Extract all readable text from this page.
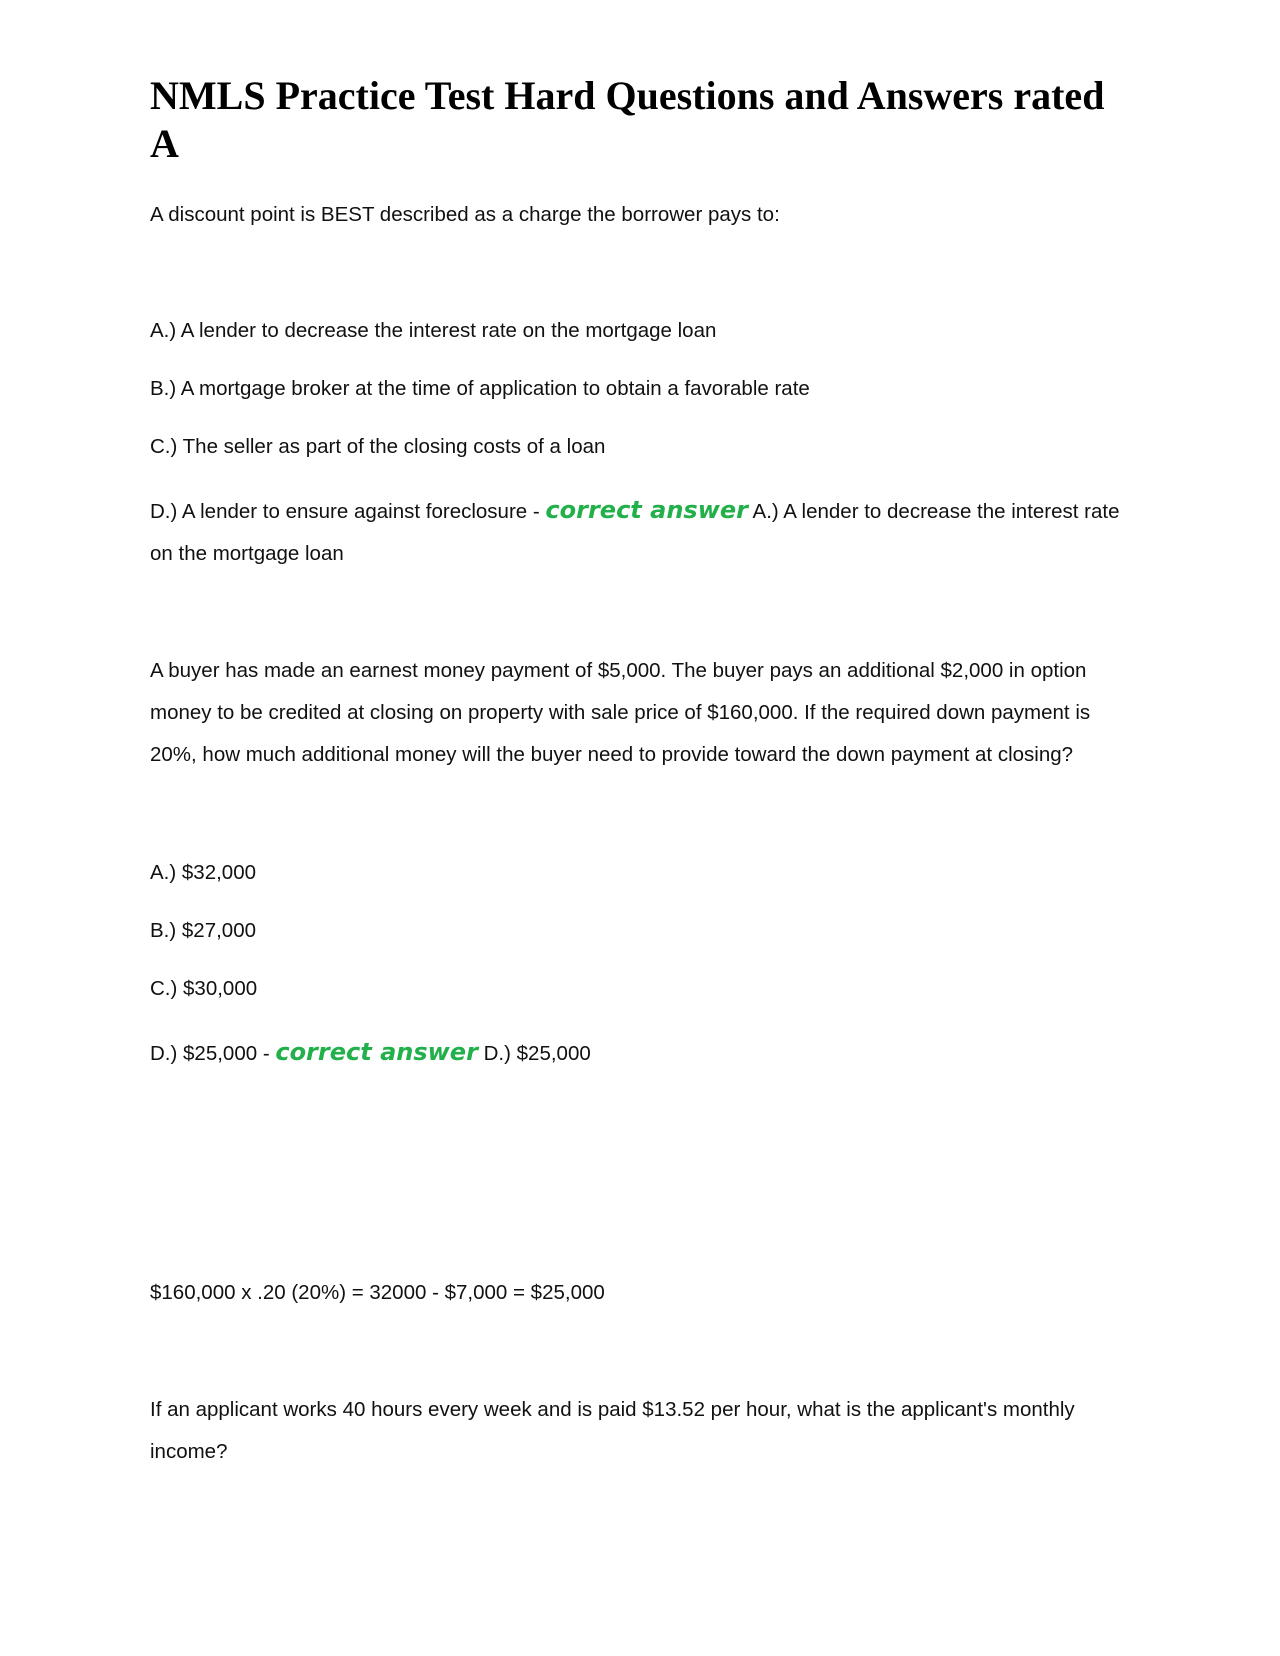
NMLS Practice Test Hard Questions and Answers rated A

A discount point is BEST described as a charge the borrower pays to:

A.) A lender to decrease the interest rate on the mortgage loan

B.) A mortgage broker at the time of application to obtain a favorable rate

C.) The seller as part of the closing costs of a loan

D.) A lender to ensure against foreclosure - correct answer A.) A lender to decrease the interest rate on the mortgage loan

A buyer has made an earnest money payment of $5,000. The buyer pays an additional $2,000 in option money to be credited at closing on property with sale price of $160,000. If the required down payment is 20%, how much additional money will the buyer need to provide toward the down payment at closing?

A.) $32,000

B.) $27,000

C.) $30,000

D.) $25,000 - correct answer D.) $25,000

$160,000 x .20 (20%) = 32000 - $7,000 = $25,000

If an applicant works 40 hours every week and is paid $13.52 per hour, what is the applicant's monthly income?
